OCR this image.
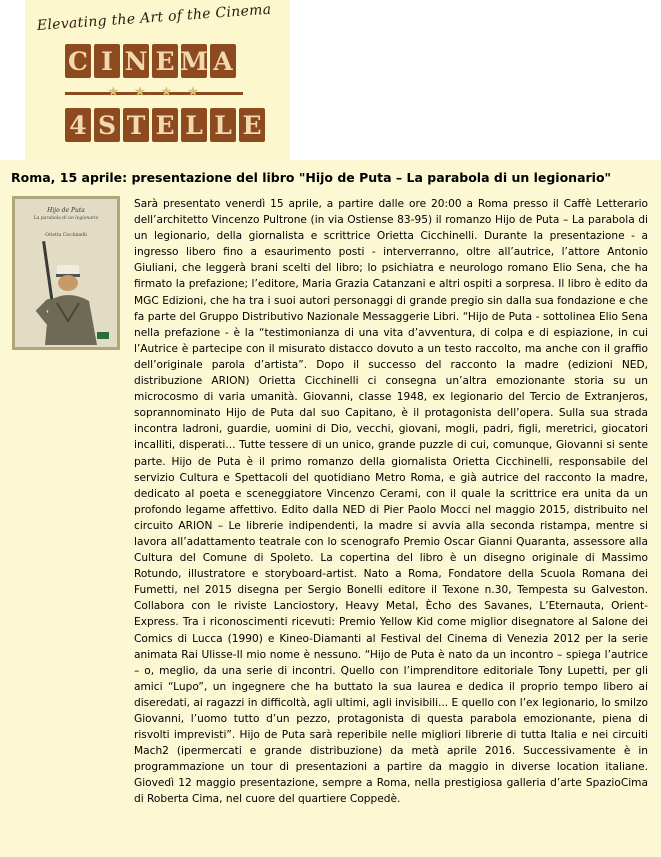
Elevating the Art of the Cinema
C I N E M A
★ ★ ★ ★
4 S T E L L E
Roma, 15 aprile: presentazione del libro "Hijo de Puta – La parabola di un legionario"
Hijo de Puta
La parabola di un legionario
Orietta Cicchinelli

Sarà presentato venerdì 15 aprile, a partire dalle ore 20:00 a Roma presso il Caffè Letterario dell’architetto Vincenzo Pultrone (in via Ostiense 83-95) il romanzo Hijo de Puta – La parabola di un legionario, della giornalista e scrittrice Orietta Cicchinelli. Durante la presentazione - a ingresso libero fino a esaurimento posti - interverranno, oltre all’autrice, l’attore Antonio Giuliani, che leggerà brani scelti del libro; lo psichiatra e neurologo romano Elio Sena, che ha firmato la prefazione; l’editore, Maria Grazia Catanzani e altri ospiti a sorpresa. Il libro è edito da MGC Edizioni, che ha tra i suoi autori personaggi di grande pregio sin dalla sua fondazione e che fa parte del Gruppo Distributivo Nazionale Messaggerie Libri. “Hijo de Puta - sottolinea Elio Sena nella prefazione - è la “testimonianza di una vita d’avventura, di colpa e di espiazione, in cui l’Autrice è partecipe con il misurato distacco dovuto a un testo raccolto, ma anche con il graffio dell’originale parola d’artista”. Dopo il successo del racconto la madre (edizioni NED, distribuzione ARION) Orietta Cicchinelli ci consegna un’altra emozionante storia su un microcosmo di varia umanità. Giovanni, classe 1948, ex legionario del Tercio de Extranjeros, soprannominato Hijo de Puta dal suo Capitano, è il protagonista dell’opera. Sulla sua strada incontra ladroni, guardie, uomini di Dio, vecchi, giovani, mogli, padri, figli, meretrici, giocatori incalliti, disperati... Tutte tessere di un unico, grande puzzle di cui, comunque, Giovanni si sente parte. Hijo de Puta è il primo romanzo della giornalista Orietta Cicchinelli, responsabile del servizio Cultura e Spettacoli del quotidiano Metro Roma, e già autrice del racconto la madre, dedicato al poeta e sceneggiatore Vincenzo Cerami, con il quale la scrittrice era unita da un profondo legame affettivo. Edito dalla NED di Pier Paolo Mocci nel maggio 2015, distribuito nel circuito ARION – Le librerie indipendenti, la madre si avvia alla seconda ristampa, mentre si lavora all’adattamento teatrale con lo scenografo Premio Oscar Gianni Quaranta, assessore alla Cultura del Comune di Spoleto. La copertina del libro è un disegno originale di Massimo Rotundo, illustratore e storyboard-artist. Nato a Roma, Fondatore della Scuola Romana dei Fumetti, nel 2015 disegna per Sergio Bonelli editore il Texone n.30, Tempesta su Galveston. Collabora con le riviste Lanciostory, Heavy Metal, Ècho des Savanes, L’Eternauta, Orient-Express. Tra i riconoscimenti ricevuti: Premio Yellow Kid come miglior disegnatore al Salone dei Comics di Lucca (1990) e Kineo-Diamanti al Festival del Cinema di Venezia 2012 per la serie animata Rai Ulisse-Il mio nome è nessuno. “Hijo de Puta è nato da un incontro – spiega l’autrice – o, meglio, da una serie di incontri. Quello con l’imprenditore editoriale Tony Lupetti, per gli amici “Lupo”, un ingegnere che ha buttato la sua laurea e dedica il proprio tempo libero ai diseredati, ai ragazzi in difficoltà, agli ultimi, agli invisibili... E quello con l’ex legionario, lo smilzo Giovanni, l’uomo tutto d’un pezzo, protagonista di questa parabola emozionante, piena di risvolti imprevisti”. Hijo de Puta sarà reperibile nelle migliori librerie di tutta Italia e nei circuiti Mach2 (ipermercati e grande distribuzione) da metà aprile 2016. Successivamente è in programmazione un tour di presentazioni a partire da maggio in diverse location italiane. Giovedì 12 maggio presentazione, sempre a Roma, nella prestigiosa galleria d’arte SpazioCima di Roberta Cima, nel cuore del quartiere Coppedè.
